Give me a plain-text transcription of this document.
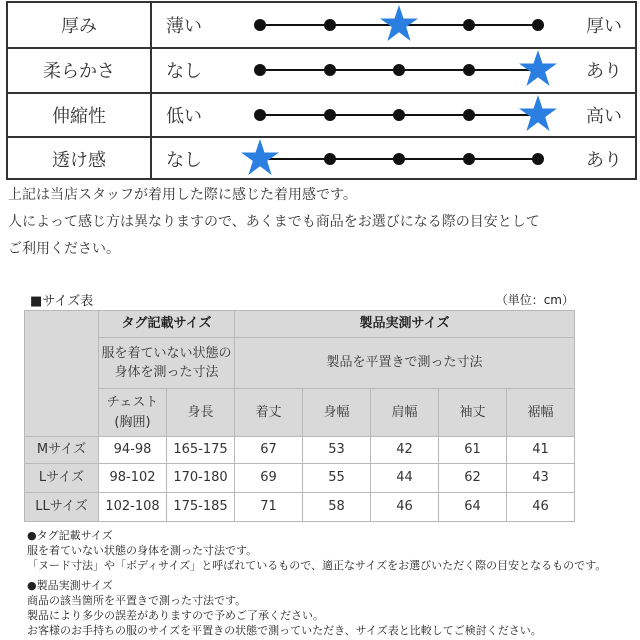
厚み	薄い	厚い
柔らかさ	なし	あり
伸縮性	低い	高い
透け感	なし	あり
上記は当店スタッフが着用した際に感じた着用感です。
人によって感じ方は異なりますので、あくまでも商品をお選びになる際の目安として
ご利用ください。
■サイズ表	（単位：cm）
	タグ記載サイズ		製品実測サイズ				

	服を着ていない状態の
身体を測った寸法		製品を平置きで測った寸法				

	チェスト
(胸囲)	身長	着丈	身幅	肩幅	袖丈	裾幅
Mサイズ	94-98	165-175	67	53	42	61	41
Lサイズ	98-102	170-180	69	55	44	62	43
LLサイズ	102-108	175-185	71	58	46	64	46
●タグ記載サイズ
服を着ていない状態の身体を測った寸法です。
「ヌード寸法」や「ボディサイズ」と呼ばれているもので、適正なサイズをお選びいただく際の目安となるものです。
●製品実測サイズ
商品の該当箇所を平置きで測った寸法です。
製品により多少の誤差がありますので予めご了承ください。
お客様のお手持ちの服のサイズを平置きの状態で測っていただき、サイズ表と比較してご検討ください。
